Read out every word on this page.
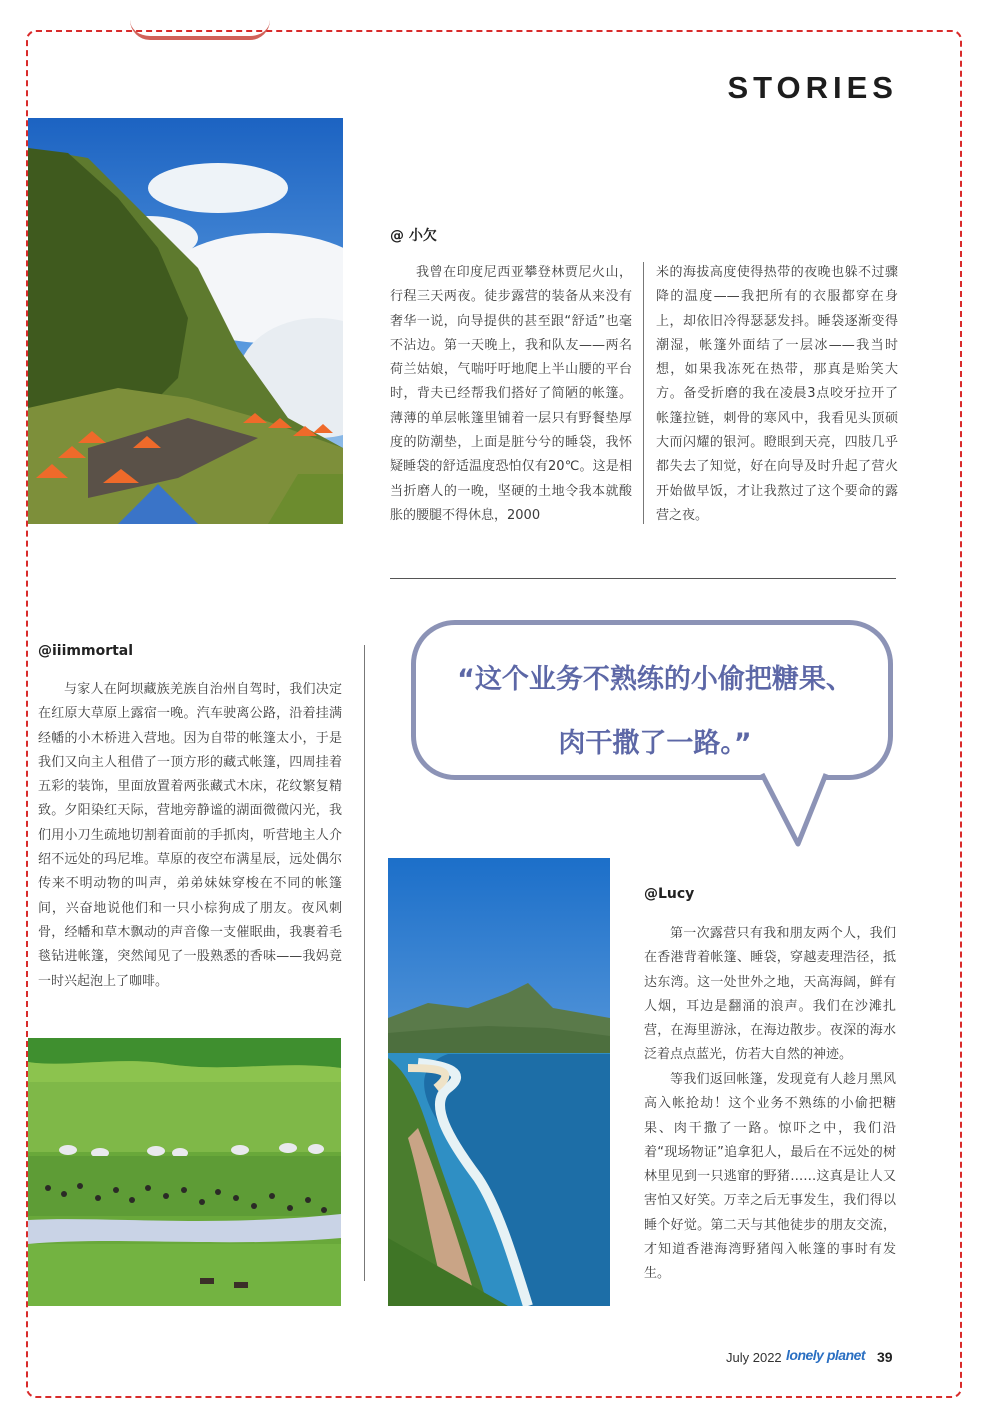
STORIES
@ 小欠

我曾在印度尼西亚攀登林贾尼火山，行程三天两夜。徒步露营的装备从来没有奢华一说，向导提供的甚至跟“舒适”也毫不沾边。第一天晚上，我和队友——两名荷兰姑娘，气喘吁吁地爬上半山腰的平台时，背夫已经帮我们搭好了简陋的帐篷。薄薄的单层帐篷里铺着一层只有野餐垫厚度的防潮垫，上面是脏兮兮的睡袋，我怀疑睡袋的舒适温度恐怕仅有20℃。这是相当折磨人的一晚，坚硬的土地令我本就酸胀的腰腿不得休息，2000

米的海拔高度使得热带的夜晚也躲不过骤降的温度——我把所有的衣服都穿在身上，却依旧冷得瑟瑟发抖。睡袋逐渐变得潮湿，帐篷外面结了一层冰——我当时想，如果我冻死在热带，那真是贻笑大方。备受折磨的我在凌晨3点咬牙拉开了帐篷拉链，刺骨的寒风中，我看见头顶硕大而闪耀的银河。瞪眼到天亮，四肢几乎都失去了知觉，好在向导及时升起了营火开始做早饭，才让我熬过了这个要命的露营之夜。

“这个业务不熟练的小偷把糖果、
肉干撒了一路。”

@iiimmortal

与家人在阿坝藏族羌族自治州自驾时，我们决定在红原大草原上露宿一晚。汽车驶离公路，沿着挂满经幡的小木桥进入营地。因为自带的帐篷太小，于是我们又向主人租借了一顶方形的藏式帐篷，四周挂着五彩的装饰，里面放置着两张藏式木床，花纹繁复精致。夕阳染红天际，营地旁静谧的湖面微微闪光，我们用小刀生疏地切割着面前的手抓肉，听营地主人介绍不远处的玛尼堆。草原的夜空布满星辰，远处偶尔传来不明动物的叫声，弟弟妹妹穿梭在不同的帐篷间，兴奋地说他们和一只小棕狗成了朋友。夜风刺骨，经幡和草木飘动的声音像一支催眠曲，我裹着毛毯钻进帐篷，突然闻见了一股熟悉的香味——我妈竟一时兴起泡上了咖啡。

@Lucy

第一次露营只有我和朋友两个人，我们在香港背着帐篷、睡袋，穿越麦理浩径，抵达东湾。这一处世外之地，天高海阔，鲜有人烟，耳边是翻涌的浪声。我们在沙滩扎营，在海里游泳，在海边散步。夜深的海水泛着点点蓝光，仿若大自然的神迹。

等我们返回帐篷，发现竟有人趁月黑风高入帐抢劫！这个业务不熟练的小偷把糖果、肉干撒了一路。惊吓之中，我们沿着“现场物证”追拿犯人，最后在不远处的树林里见到一只逃窜的野猪……这真是让人又害怕又好笑。万幸之后无事发生，我们得以睡个好觉。第二天与其他徒步的朋友交流，才知道香港海湾野猪闯入帐篷的事时有发生。

July 2022 lonely planet 39
